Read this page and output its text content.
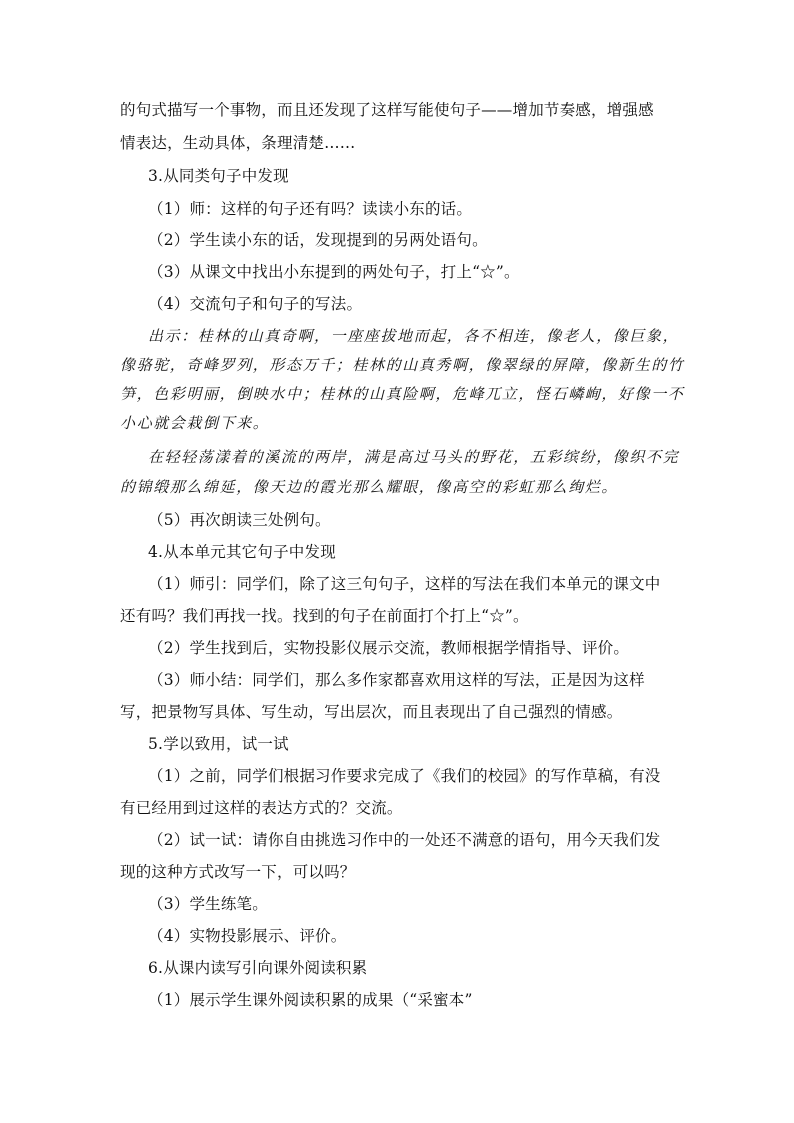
的句式描写一个事物，而且还发现了这样写能使句子——增加节奏感，增强感
情表达，生动具体，条理清楚……
3.从同类句子中发现
（1）师：这样的句子还有吗？读读小东的话。
（2）学生读小东的话，发现提到的另两处语句。
（3）从课文中找出小东提到的两处句子，打上“☆”。
（4）交流句子和句子的写法。
出示：桂林的山真奇啊，一座座拔地而起，各不相连，像老人，像巨象，
像骆驼，奇峰罗列，形态万千；桂林的山真秀啊，像翠绿的屏障，像新生的竹
笋，色彩明丽，倒映水中；桂林的山真险啊，危峰兀立，怪石嶙峋，好像一不
小心就会栽倒下来。
在轻轻荡漾着的溪流的两岸，满是高过马头的野花，五彩缤纷，像织不完
的锦缎那么绵延，像天边的霞光那么耀眼，像高空的彩虹那么绚烂。
（5）再次朗读三处例句。
4.从本单元其它句子中发现
（1）师引：同学们，除了这三句句子，这样的写法在我们本单元的课文中
还有吗？我们再找一找。找到的句子在前面打个打上“☆”。
（2）学生找到后，实物投影仪展示交流，教师根据学情指导、评价。
（3）师小结：同学们，那么多作家都喜欢用这样的写法，正是因为这样
写，把景物写具体、写生动，写出层次，而且表现出了自己强烈的情感。
5.学以致用，试一试
（1）之前，同学们根据习作要求完成了《我们的校园》的写作草稿，有没
有已经用到过这样的表达方式的？交流。
（2）试一试：请你自由挑选习作中的一处还不满意的语句，用今天我们发
现的这种方式改写一下，可以吗？
（3）学生练笔。
（4）实物投影展示、评价。
6.从课内读写引向课外阅读积累
（1）展示学生课外阅读积累的成果（“采蜜本”
